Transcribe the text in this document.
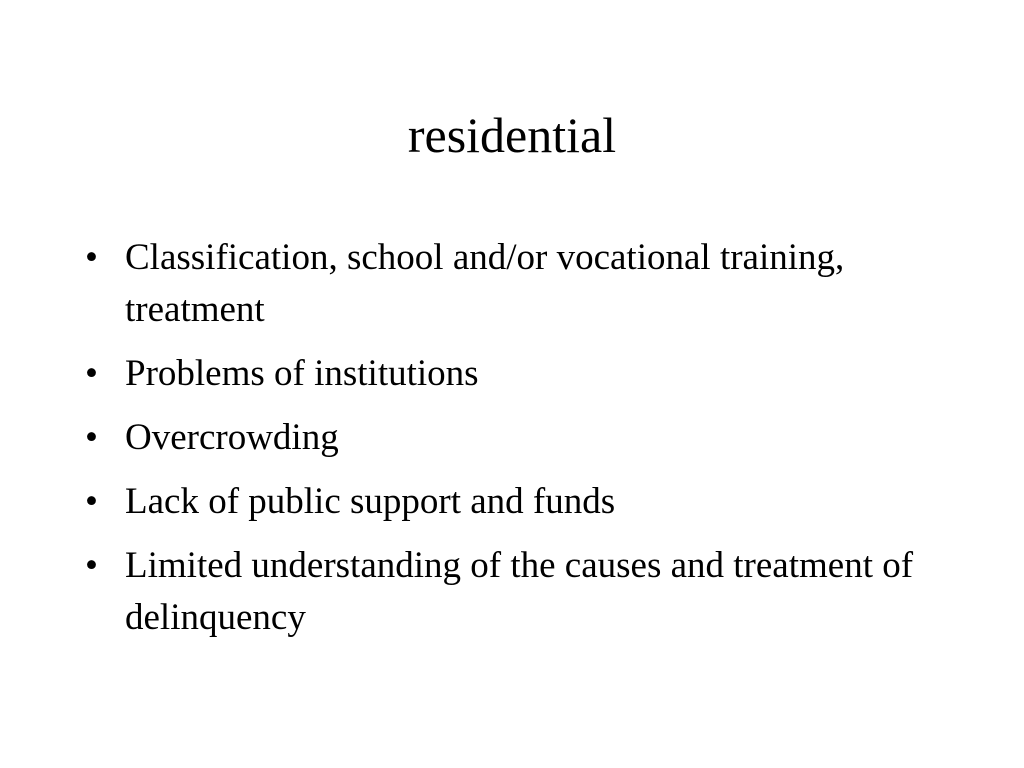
residential
• Classification, school and/or vocational training, treatment
• Problems of institutions
• Overcrowding
• Lack of public support and funds
• Limited understanding of the causes and treatment of delinquency
